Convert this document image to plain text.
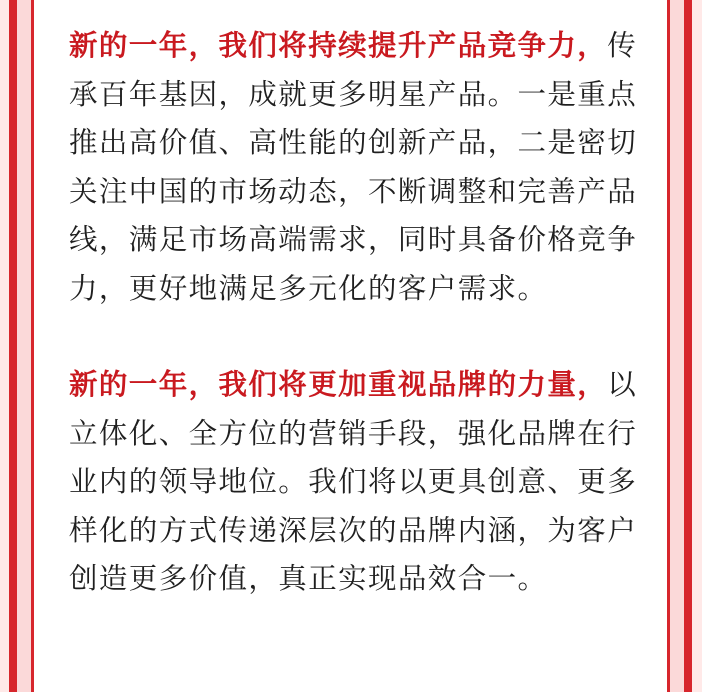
新的一年，我们将持续提升产品竞争力，传承百年基因，成就更多明星产品。一是重点推出高价值、高性能的创新产品，二是密切关注中国的市场动态，不断调整和完善产品线，满足市场高端需求，同时具备价格竞争力，更好地满足多元化的客户需求。

新的一年，我们将更加重视品牌的力量，以立体化、全方位的营销手段，强化品牌在行业内的领导地位。我们将以更具创意、更多样化的方式传递深层次的品牌内涵，为客户创造更多价值，真正实现品效合一。
